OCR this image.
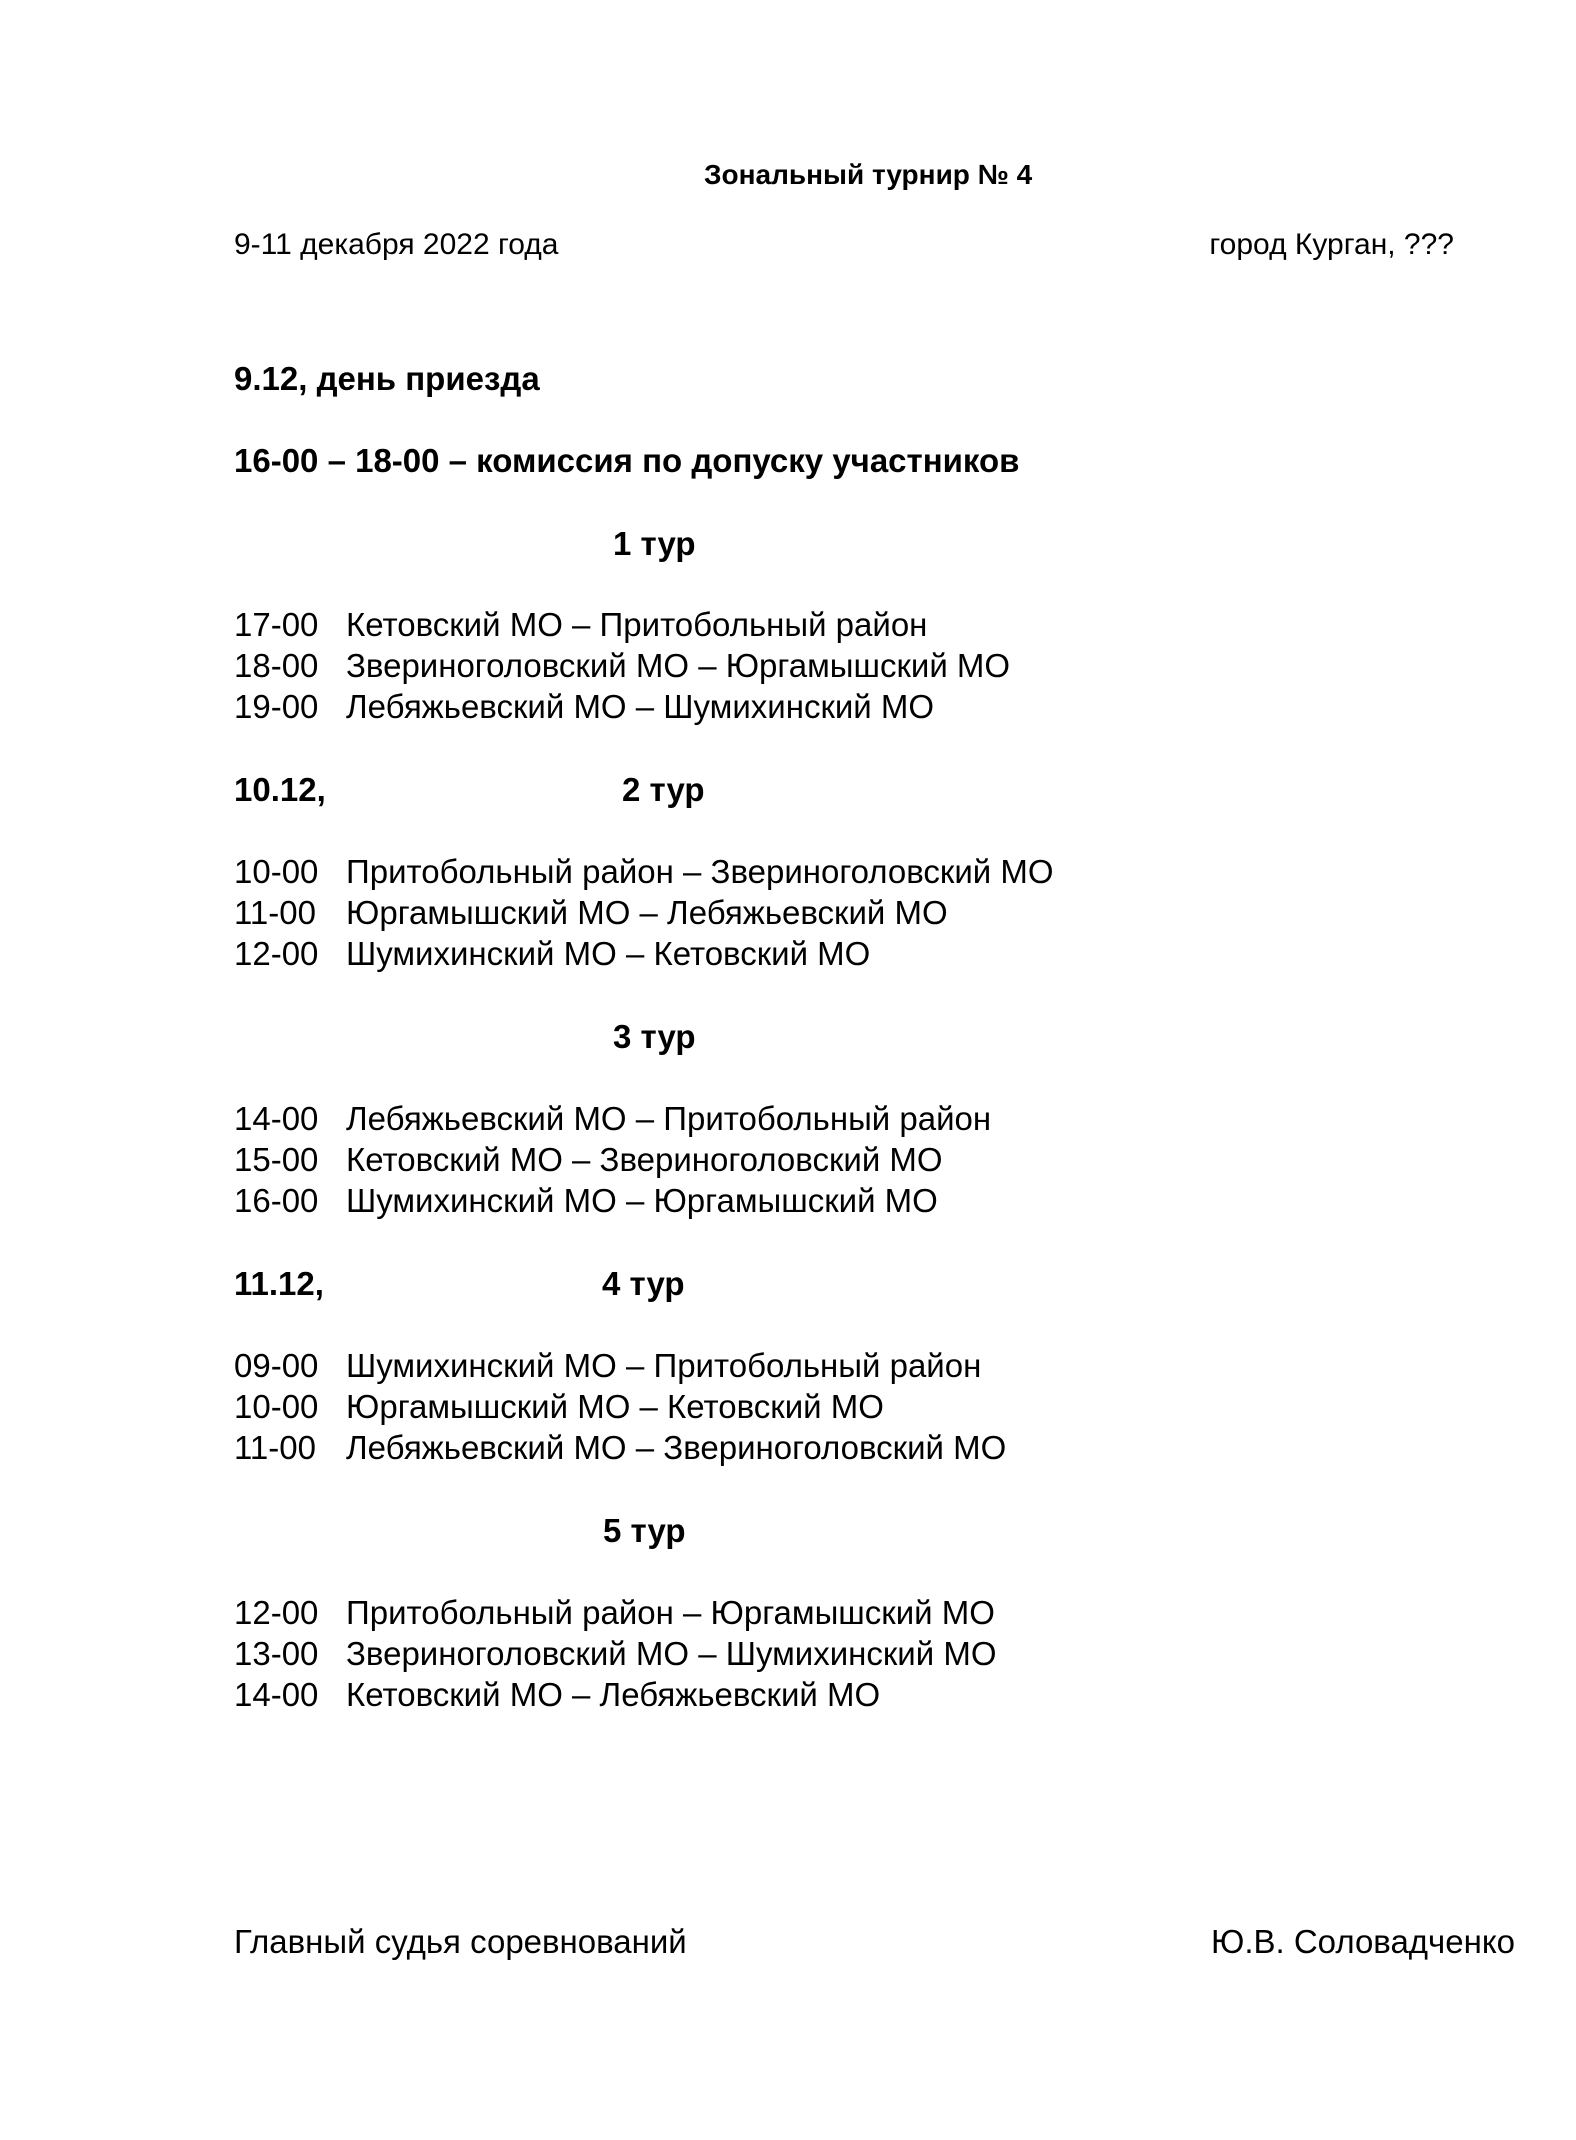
Зональный турнир № 4
9-11 декабря 2022 года	город Курган, ???
9.12, день приезда
16-00 – 18-00 – комиссия по допуску участников
1 тур
17-00 Кетовский МО – Притобольный район
18-00 Звериноголовский МО – Юргамышский МО
19-00 Лебяжьевский МО – Шумихинский МО
10.12,	2 тур
10-00 Притобольный район – Звериноголовский МО
11-00 Юргамышский МО – Лебяжьевский МО
12-00 Шумихинский МО – Кетовский МО
3 тур
14-00 Лебяжьевский МО – Притобольный район
15-00 Кетовский МО – Звериноголовский МО
16-00 Шумихинский МО – Юргамышский МО
11.12,	4 тур
09-00 Шумихинский МО – Притобольный район
10-00 Юргамышский МО – Кетовский МО
11-00 Лебяжьевский МО – Звериноголовский МО
5 тур
12-00 Притобольный район – Юргамышский МО
13-00 Звериноголовский МО – Шумихинский МО
14-00 Кетовский МО – Лебяжьевский МО
Главный судья соревнований	Ю.В. Соловадченко
